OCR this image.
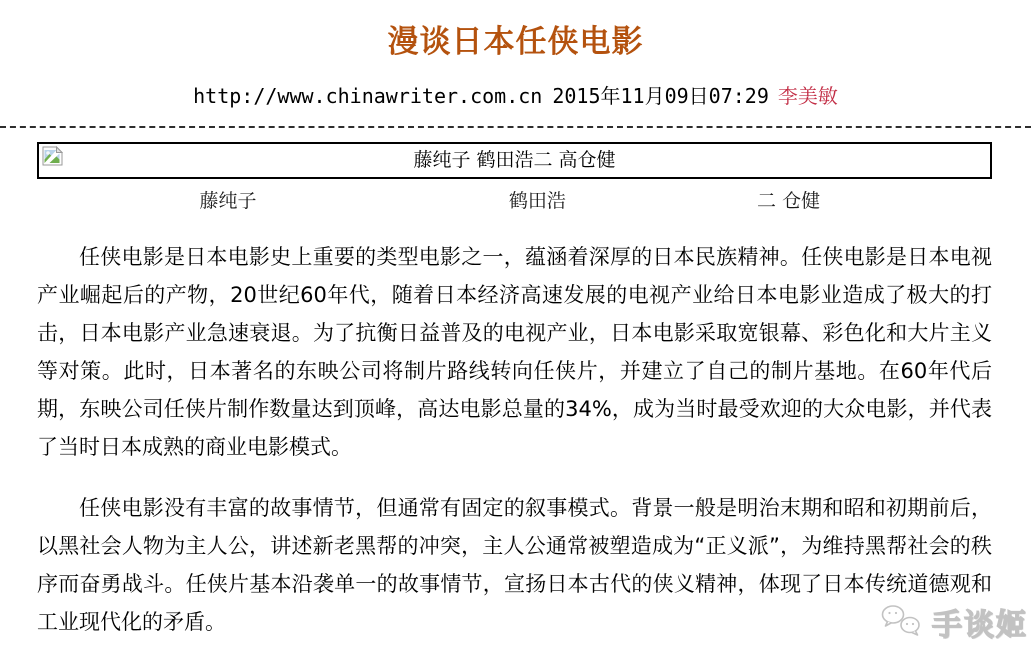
漫谈日本任侠电影
http://www.chinawriter.com.cn 2015年11月09日07:29 李美敏
藤纯子 鹤田浩二 高仓健
藤纯子	鹤田浩	二 仓健

任侠电影是日本电影史上重要的类型电影之一，蕴涵着深厚的日本民族精神。任侠电影是日本电视产业崛起后的产物，20世纪60年代，随着日本经济高速发展的电视产业给日本电影业造成了极大的打击，日本电影产业急速衰退。为了抗衡日益普及的电视产业，日本电影采取宽银幕、彩色化和大片主义等对策。此时，日本著名的东映公司将制片路线转向任侠片，并建立了自己的制片基地。在60年代后期，东映公司任侠片制作数量达到顶峰，高达电影总量的34%，成为当时最受欢迎的大众电影，并代表了当时日本成熟的商业电影模式。

任侠电影没有丰富的故事情节，但通常有固定的叙事模式。背景一般是明治末期和昭和初期前后，以黑社会人物为主人公，讲述新老黑帮的冲突，主人公通常被塑造成为“正义派”，为维持黑帮社会的秩序而奋勇战斗。任侠片基本沿袭单一的故事情节，宣扬日本古代的侠义精神，体现了日本传统道德观和工业现代化的矛盾。	手谈姬
